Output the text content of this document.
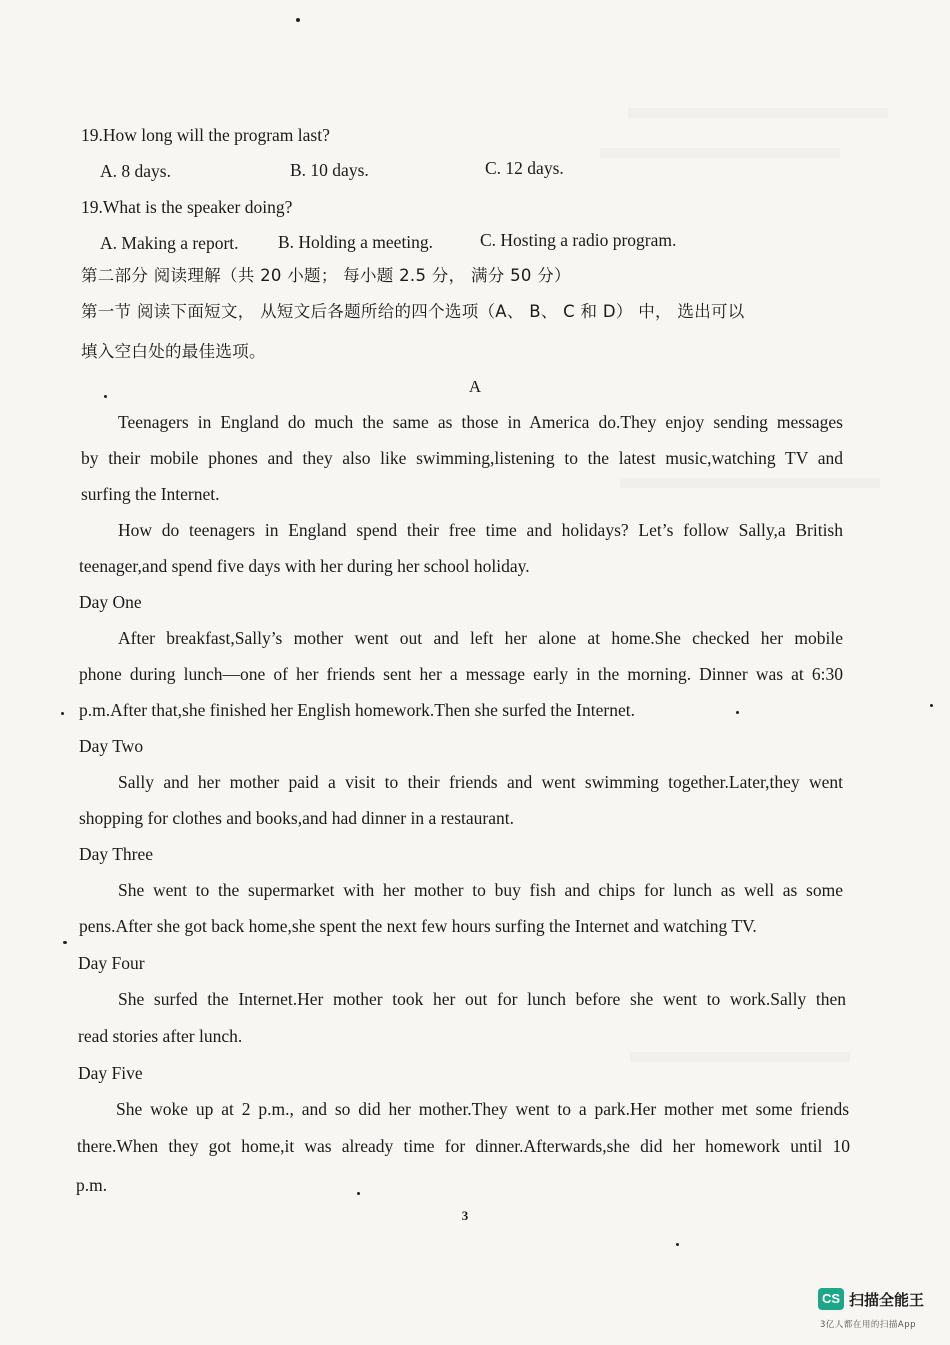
19.How long will the program last?
A. 8 days.	B. 10 days.	C. 12 days.
19.What is the speaker doing?
A. Making a report. B. Holding a meeting.	C. Hosting a radio program.
第二部分 阅读理解（共 20 小题； 每小题 2.5 分， 满分 50 分）
第一节 阅读下面短文， 从短文后各题所给的四个选项（A、 B、 C 和 D） 中， 选出可以
填入空白处的最佳选项。
A
Teenagers in England do much the same as those in America do.They enjoy sending messages
by their mobile phones and they also like swimming,listening to the latest music,watching TV and
surfing the Internet.
How do teenagers in England spend their free time and holidays? Let’s follow Sally,a British
teenager,and spend five days with her during her school holiday.
Day One
After breakfast,Sally’s mother went out and left her alone at home.She checked her mobile
phone during lunch—one of her friends sent her a message early in the morning. Dinner was at 6:30
p.m.After that,she finished her English homework.Then she surfed the Internet.
Day Two
Sally and her mother paid a visit to their friends and went swimming together.Later,they went
shopping for clothes and books,and had dinner in a restaurant.
Day Three
She went to the supermarket with her mother to buy fish and chips for lunch as well as some
pens.After she got back home,she spent the next few hours surfing the Internet and watching TV.
Day Four
She surfed the Internet.Her mother took her out for lunch before she went to work.Sally then
read stories after lunch.
Day Five
She woke up at 2 p.m., and so did her mother.They went to a park.Her mother met some friends
there.When they got home,it was already time for dinner.Afterwards,she did her homework until 10
p.m.
3
CS 扫描全能王
3亿人都在用的扫描App
